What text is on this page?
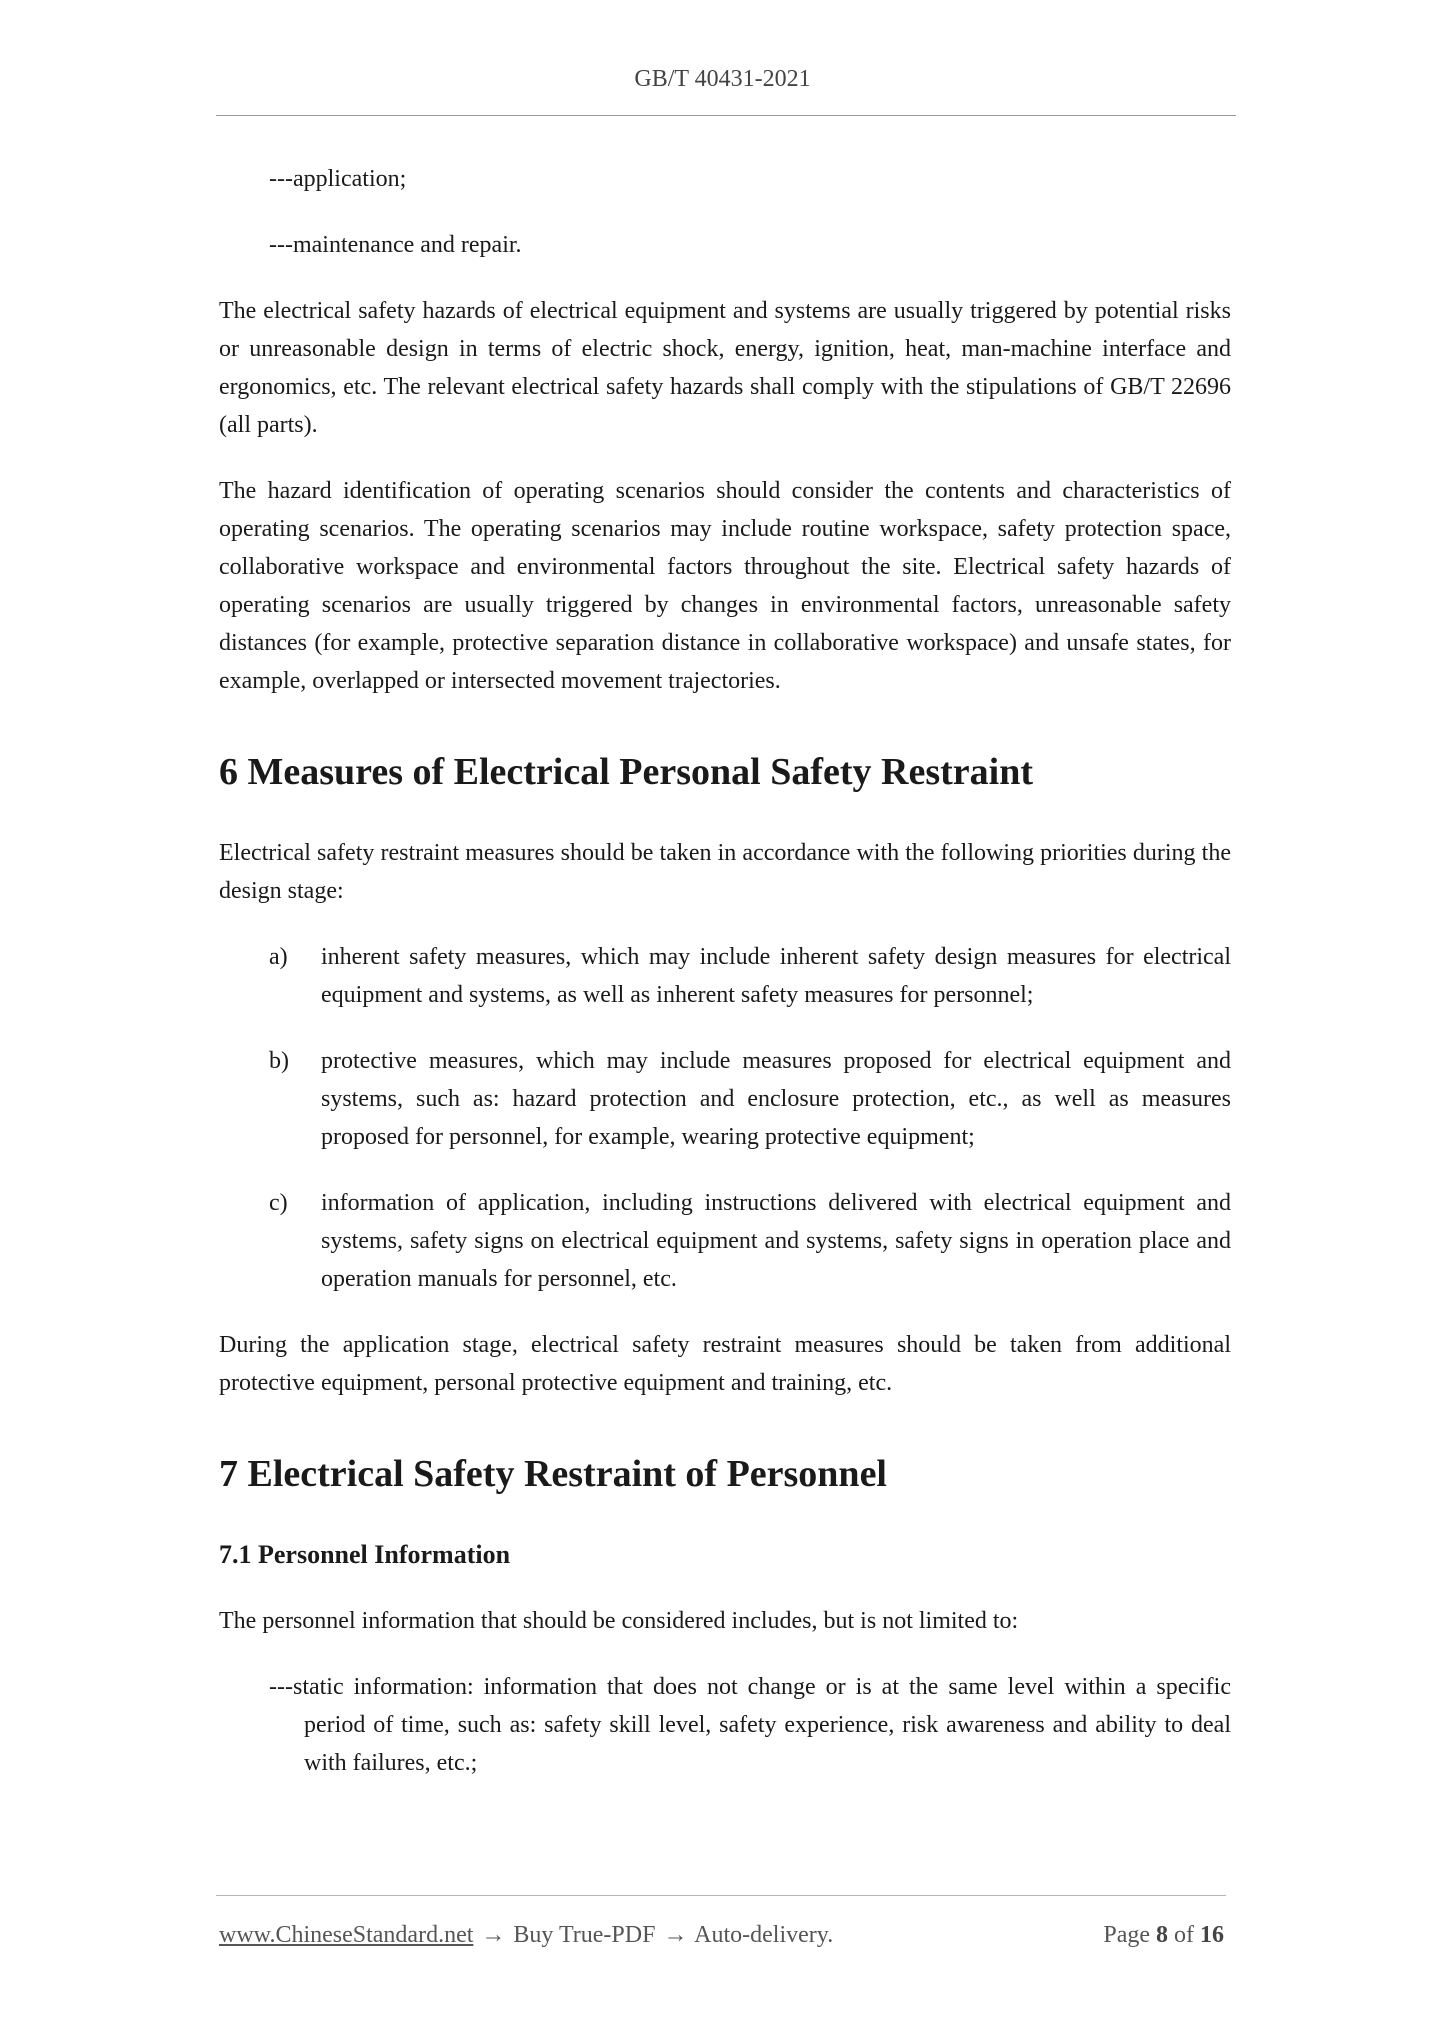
GB/T 40431-2021
---application;
---maintenance and repair.

The electrical safety hazards of electrical equipment and systems are usually triggered by potential risks or unreasonable design in terms of electric shock, energy, ignition, heat, man-machine interface and ergonomics, etc. The relevant electrical safety hazards shall comply with the stipulations of GB/T 22696 (all parts).

The hazard identification of operating scenarios should consider the contents and characteristics of operating scenarios. The operating scenarios may include routine workspace, safety protection space, collaborative workspace and environmental factors throughout the site. Electrical safety hazards of operating scenarios are usually triggered by changes in environmental factors, unreasonable safety distances (for example, protective separation distance in collaborative workspace) and unsafe states, for example, overlapped or intersected movement trajectories.

6 Measures of Electrical Personal Safety Restraint

Electrical safety restraint measures should be taken in accordance with the following priorities during the design stage:

a)	inherent safety measures, which may include inherent safety design measures for electrical equipment and systems, as well as inherent safety measures for personnel;
b)	protective measures, which may include measures proposed for electrical equipment and systems, such as: hazard protection and enclosure protection, etc., as well as measures proposed for personnel, for example, wearing protective equipment;
c)	information of application, including instructions delivered with electrical equipment and systems, safety signs on electrical equipment and systems, safety signs in operation place and operation manuals for personnel, etc.

During the application stage, electrical safety restraint measures should be taken from additional protective equipment, personal protective equipment and training, etc.

7 Electrical Safety Restraint of Personnel
7.1 Personnel Information

The personnel information that should be considered includes, but is not limited to:

---static information: information that does not change or is at the same level within a specific period of time, such as: safety skill level, safety experience, risk awareness and ability to deal with failures, etc.;
www.ChineseStandard.net → Buy True-PDF → Auto-delivery.	Page 8 of 16
